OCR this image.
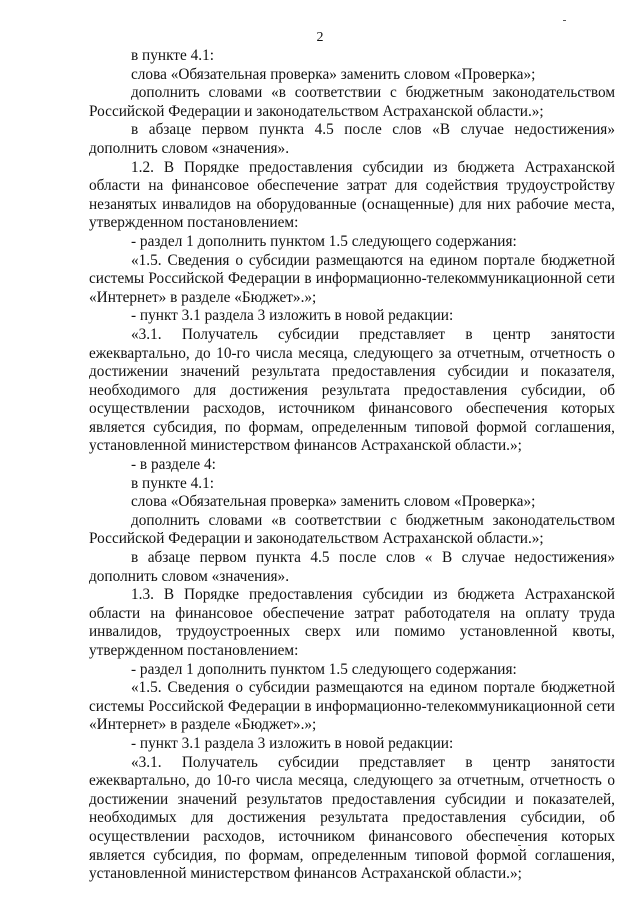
2

в пункте 4.1:

слова «Обязательная проверка» заменить словом «Проверка»;

дополнить словами «в соответствии с бюджетным законодательством Российской Федерации и законодательством Астраханской области.»;

в абзаце первом пункта 4.5 после слов «В случае недостижения» дополнить словом «значения».

1.2. В Порядке предоставления субсидии из бюджета Астраханской области на финансовое обеспечение затрат для содействия трудоустройству незанятых инвалидов на оборудованные (оснащенные) для них рабочие места, утвержденном постановлением:

- раздел 1 дополнить пунктом 1.5 следующего содержания:

«1.5. Сведения о субсидии размещаются на едином портале бюджетной системы Российской Федерации в информационно-телекоммуникационной сети «Интернет» в разделе «Бюджет».»;

- пункт 3.1 раздела 3 изложить в новой редакции:

«3.1. Получатель субсидии представляет в центр занятости ежеквартально, до 10-го числа месяца, следующего за отчетным, отчетность о достижении значений результата предоставления субсидии и показателя, необходимого для достижения результата предоставления субсидии, об осуществлении расходов, источником финансового обеспечения которых является субсидия, по формам, определенным типовой формой соглашения, установленной министерством финансов Астраханской области.»;

- в разделе 4:

в пункте 4.1:

слова «Обязательная проверка» заменить словом «Проверка»;

дополнить словами «в соответствии с бюджетным законодательством Российской Федерации и законодательством Астраханской области.»;

в абзаце первом пункта 4.5 после слов « В случае недостижения» дополнить словом «значения».

1.3. В Порядке предоставления субсидии из бюджета Астраханской области на финансовое обеспечение затрат работодателя на оплату труда инвалидов, трудоустроенных сверх или помимо установленной квоты, утвержденном постановлением:

- раздел 1 дополнить пунктом 1.5 следующего содержания:

«1.5. Сведения о субсидии размещаются на едином портале бюджетной системы Российской Федерации в информационно-телекоммуникационной сети «Интернет» в разделе «Бюджет».»;

- пункт 3.1 раздела 3 изложить в новой редакции:

«3.1. Получатель субсидии представляет в центр занятости ежеквартально, до 10-го числа месяца, следующего за отчетным, отчетность о достижении значений результатов предоставления субсидии и показателей, необходимых для достижения результата предоставления субсидии, об осуществлении расходов, источником финансового обеспечения которых является субсидия, по формам, определенным типовой формой соглашения, установленной министерством финансов Астраханской области.»;
